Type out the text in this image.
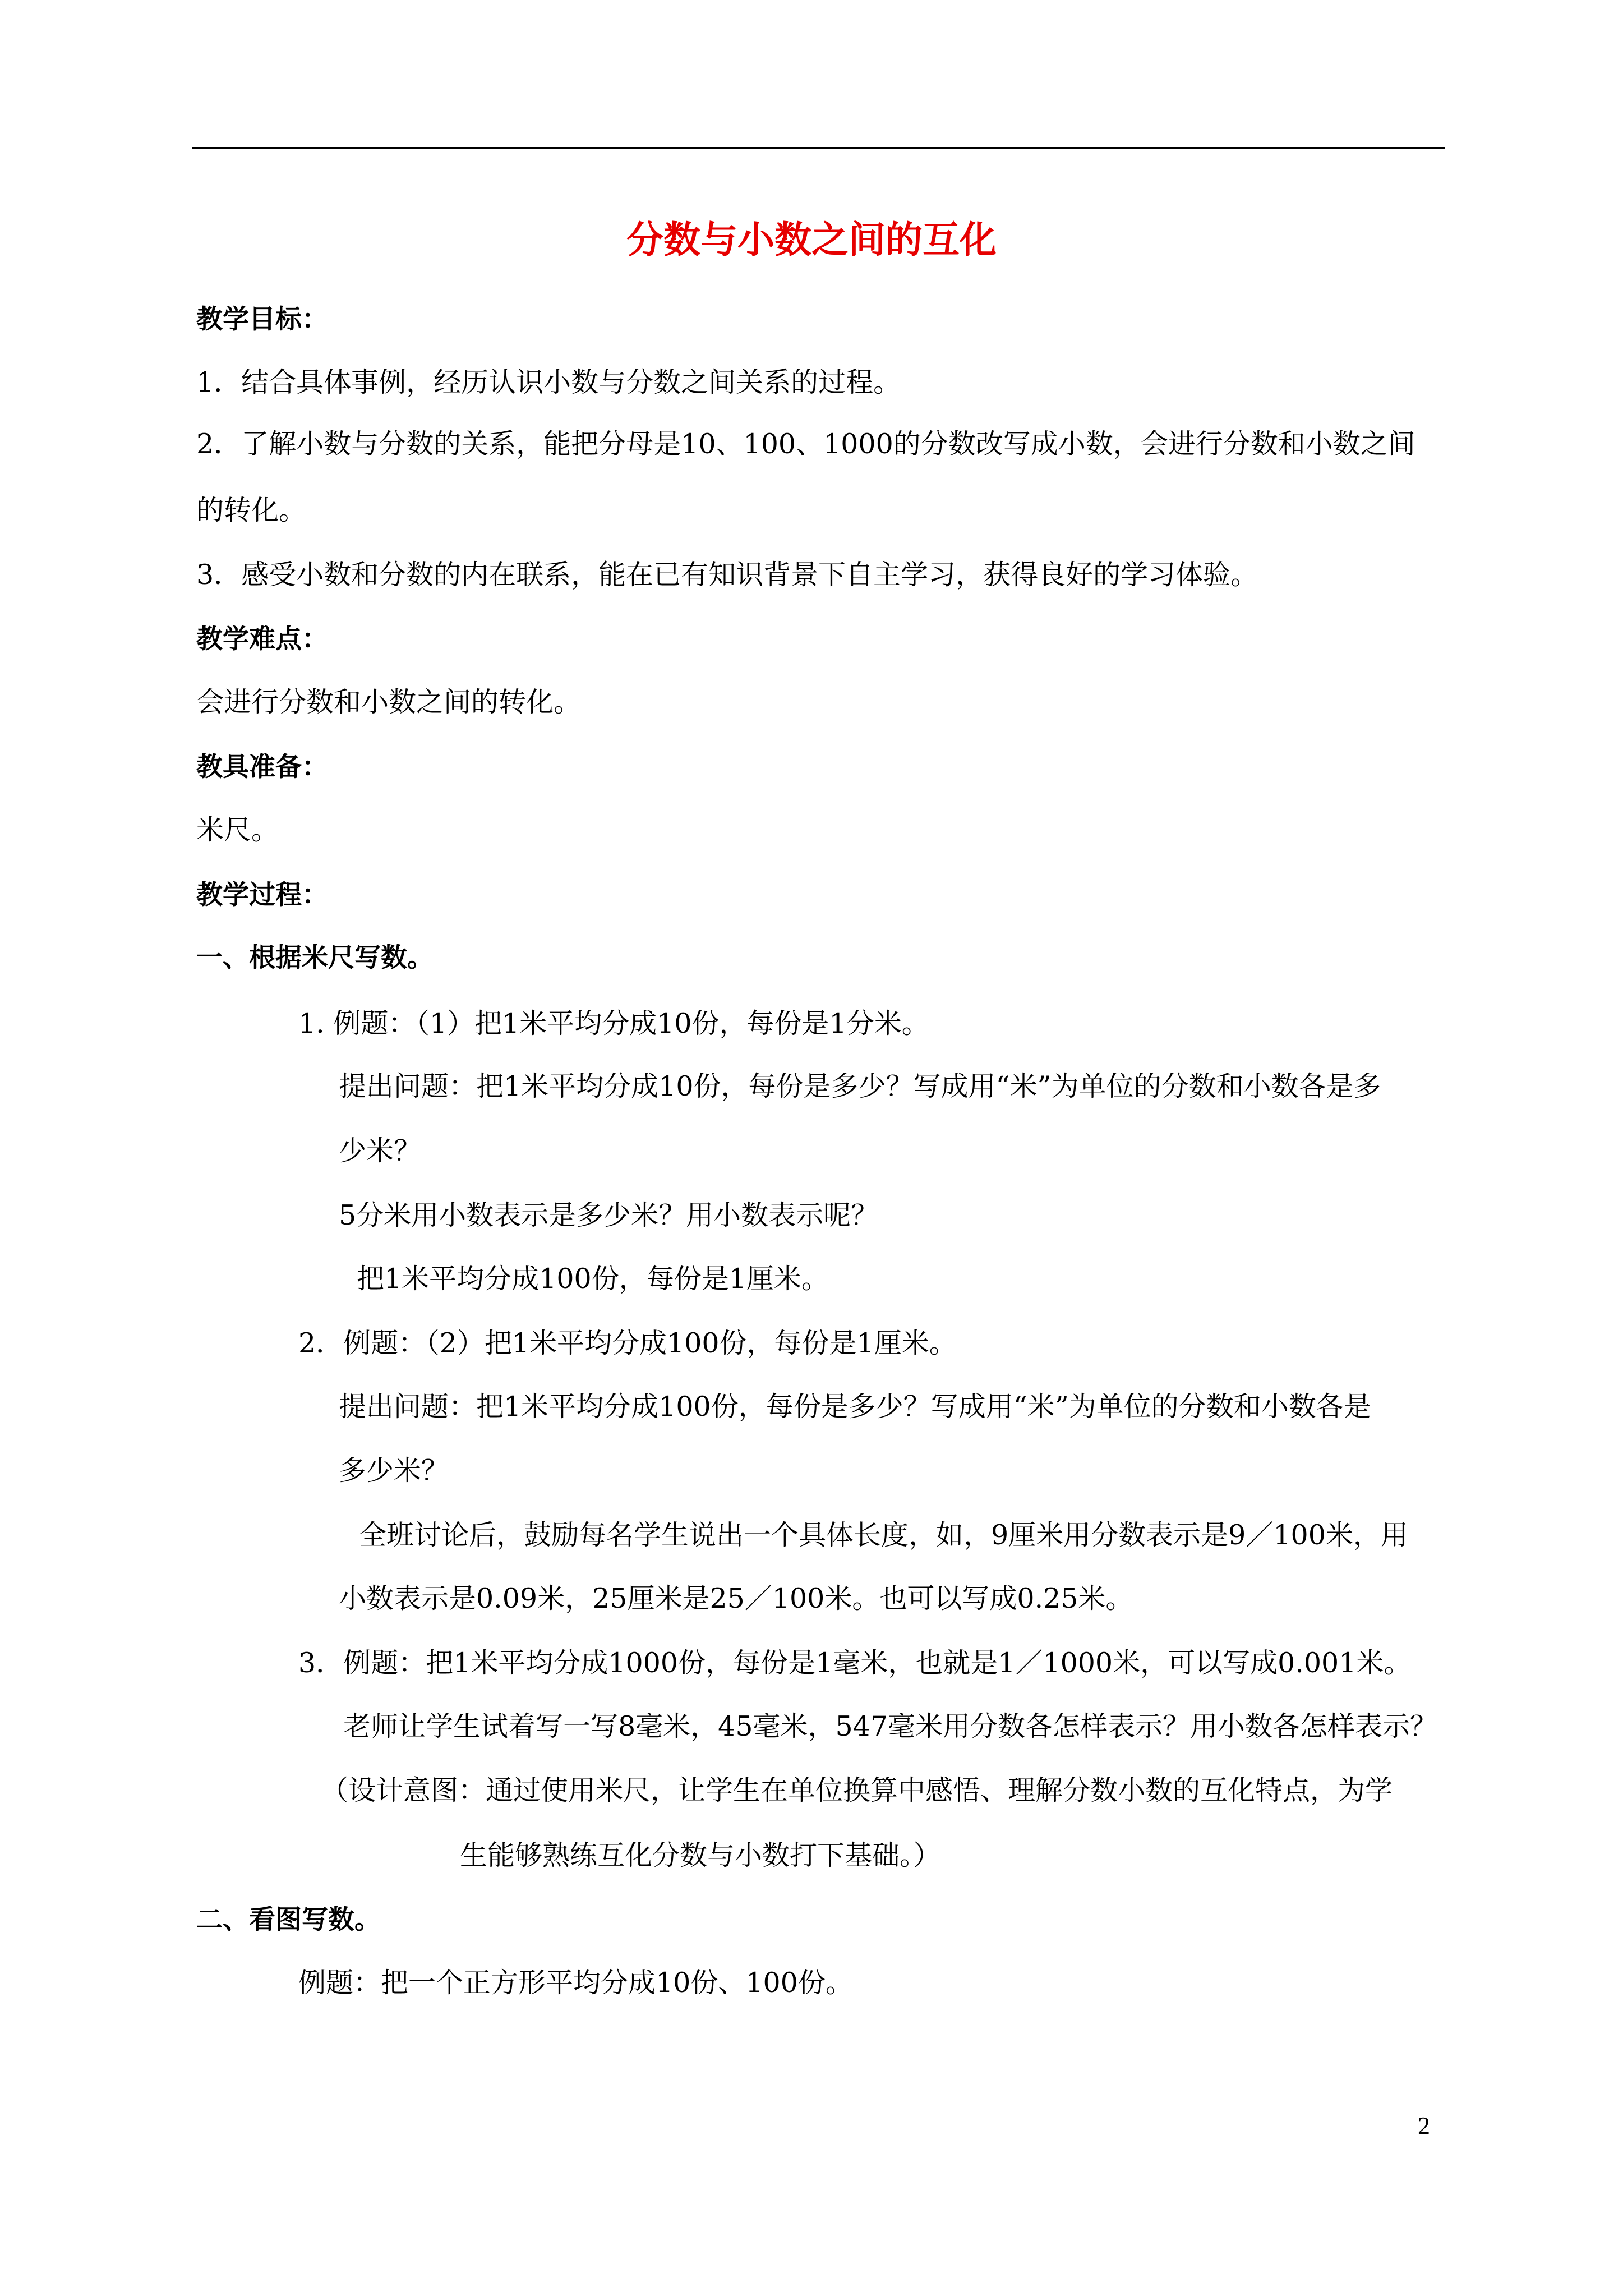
分数与小数之间的互化
教学目标：
1．结合具体事例，经历认识小数与分数之间关系的过程。
2．了解小数与分数的关系，能把分母是10、100、1000的分数改写成小数，会进行分数和小数之间
的转化。
3．感受小数和分数的内在联系，能在已有知识背景下自主学习，获得良好的学习体验。
教学难点：
会进行分数和小数之间的转化。
教具准备：
米尺。
教学过程：
一、根据米尺写数。
1. 例题：（1）把1米平均分成10份，每份是1分米。
提出问题：把1米平均分成10份，每份是多少？写成用“米”为单位的分数和小数各是多
少米？
5分米用小数表示是多少米？用小数表示呢？
把1米平均分成100份，每份是1厘米。
2．例题：（2）把1米平均分成100份，每份是1厘米。
提出问题：把1米平均分成100份，每份是多少？写成用“米”为单位的分数和小数各是
多少米？
全班讨论后，鼓励每名学生说出一个具体长度，如，9厘米用分数表示是9／100米，用
小数表示是0.09米，25厘米是25／100米。也可以写成0.25米。
3．例题：把1米平均分成1000份，每份是1毫米，也就是1／1000米，可以写成0.001米。
老师让学生试着写一写8毫米，45毫米，547毫米用分数各怎样表示？用小数各怎样表示？
（设计意图：通过使用米尺，让学生在单位换算中感悟、理解分数小数的互化特点，为学
生能够熟练互化分数与小数打下基础。）
二、看图写数。
例题：把一个正方形平均分成10份、100份。
2
